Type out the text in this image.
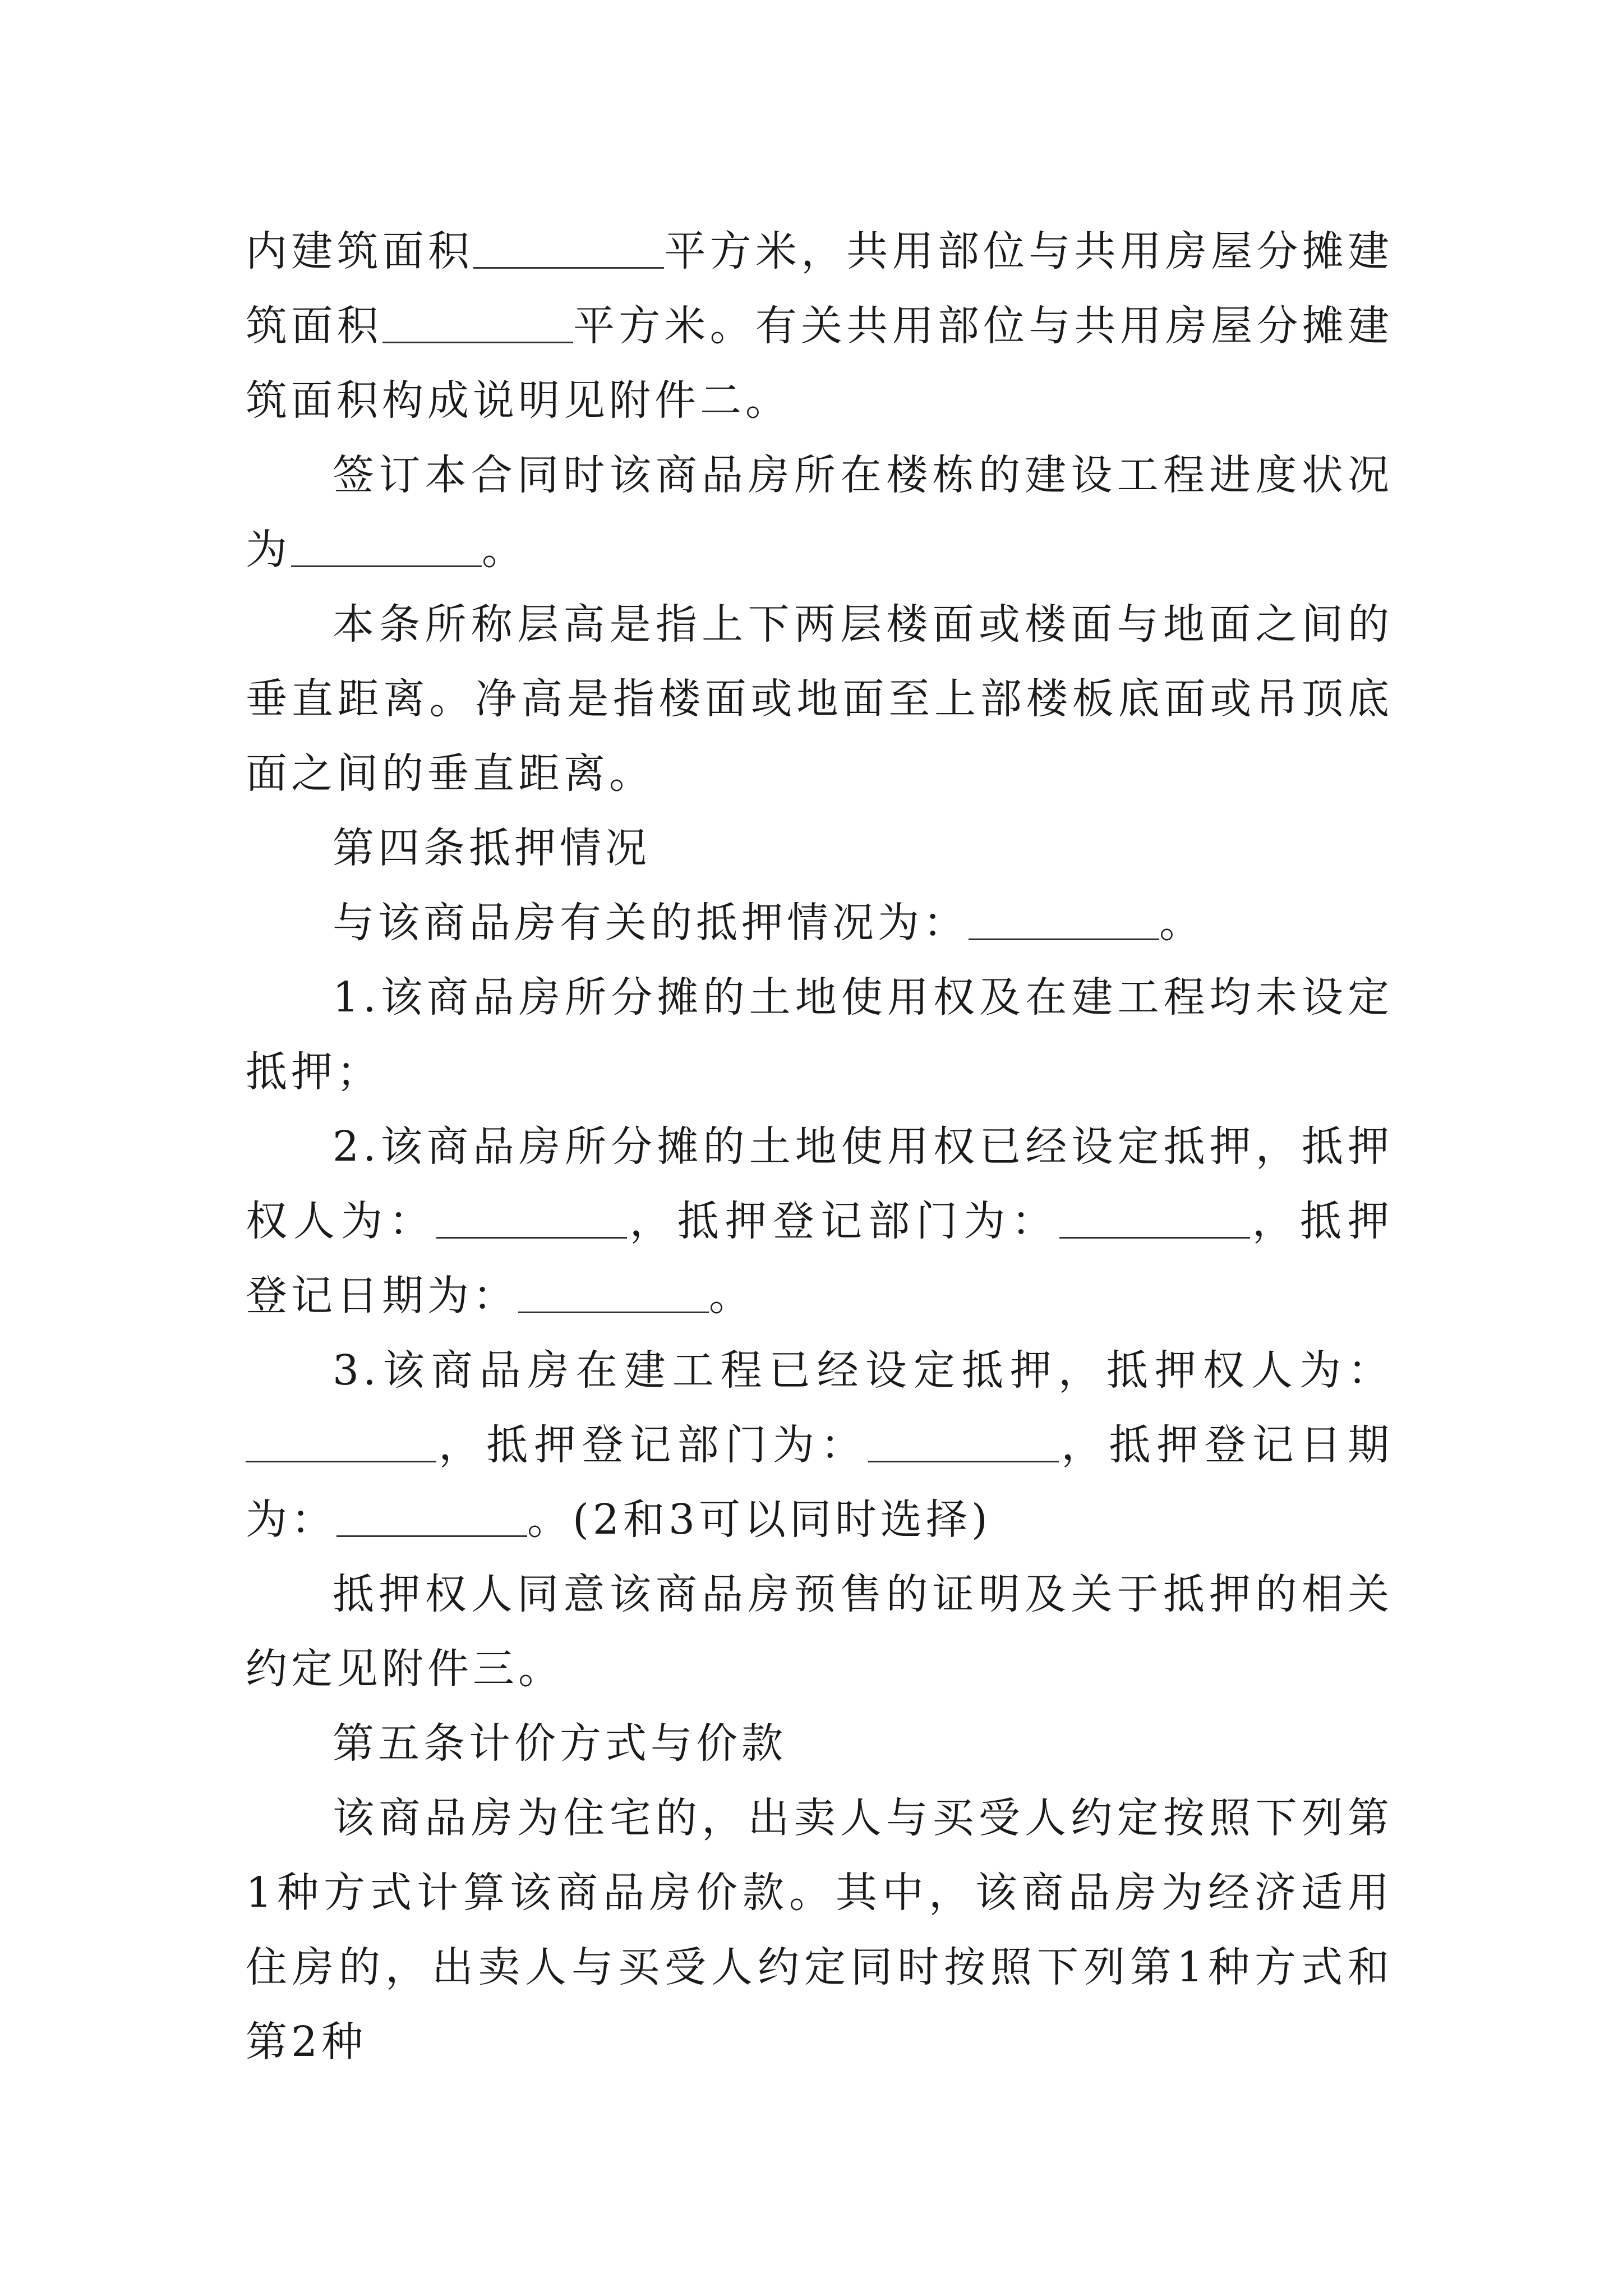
内建筑面积	平方米，共用部位与共用房屋分摊建筑面积	平方米。有关共用部位与共用房屋分摊建筑面积构成说明见附件二。

签订本合同时该商品房所在楼栋的建设工程进度状况为	。

本条所称层高是指上下两层楼面或楼面与地面之间的垂直距离。净高是指楼面或地面至上部楼板底面或吊顶底面之间的垂直距离。

第四条抵押情况

与该商品房有关的抵押情况为：	。

1.该商品房所分摊的土地使用权及在建工程均未设定抵押；

2.该商品房所分摊的土地使用权已经设定抵押，抵押权人为：	，抵押登记部门为：	，抵押登记日期为：	。

3.该商品房在建工程已经设定抵押，抵押权人为：，抵押登记部门为：	，抵押登记日期为：	。(2和3可以同时选择)

抵押权人同意该商品房预售的证明及关于抵押的相关约定见附件三。

第五条计价方式与价款

该商品房为住宅的，出卖人与买受人约定按照下列第1种方式计算该商品房价款。其中，该商品房为经济适用住房的，出卖人与买受人约定同时按照下列第1种方式和第2种
